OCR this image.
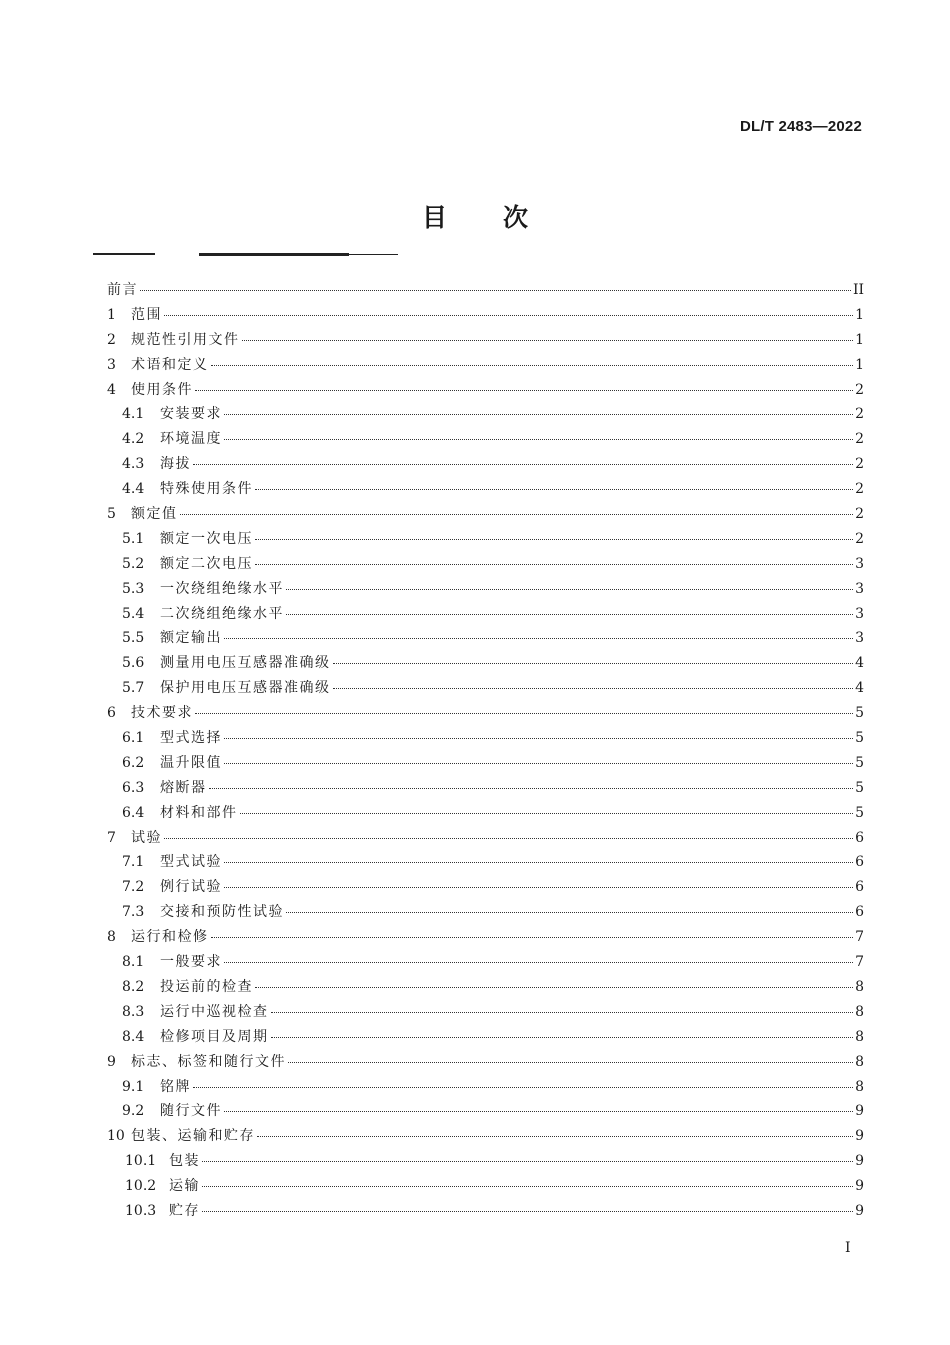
DL/T 2483—2022
目次
前言	II
1	范围	1
2	规范性引用文件	1
3	术语和定义	1
4	使用条件	2
4.1	安装要求	2
4.2	环境温度	2
4.3	海拔	2
4.4	特殊使用条件	2
5	额定值	2
5.1	额定一次电压	2
5.2	额定二次电压	3
5.3	一次绕组绝缘水平	3
5.4	二次绕组绝缘水平	3
5.5	额定输出	3
5.6	测量用电压互感器准确级	4
5.7	保护用电压互感器准确级	4
6	技术要求	5
6.1	型式选择	5
6.2	温升限值	5
6.3	熔断器	5
6.4	材料和部件	5
7	试验	6
7.1	型式试验	6
7.2	例行试验	6
7.3	交接和预防性试验	6
8	运行和检修	7
8.1	一般要求	7
8.2	投运前的检查	8
8.3	运行中巡视检查	8
8.4	检修项目及周期	8
9	标志、标签和随行文件	8
9.1	铭牌	8
9.2	随行文件	9
10 包装、运输和贮存	9
10.1 包装	9
10.2 运输	9
10.3 贮存	9
I
